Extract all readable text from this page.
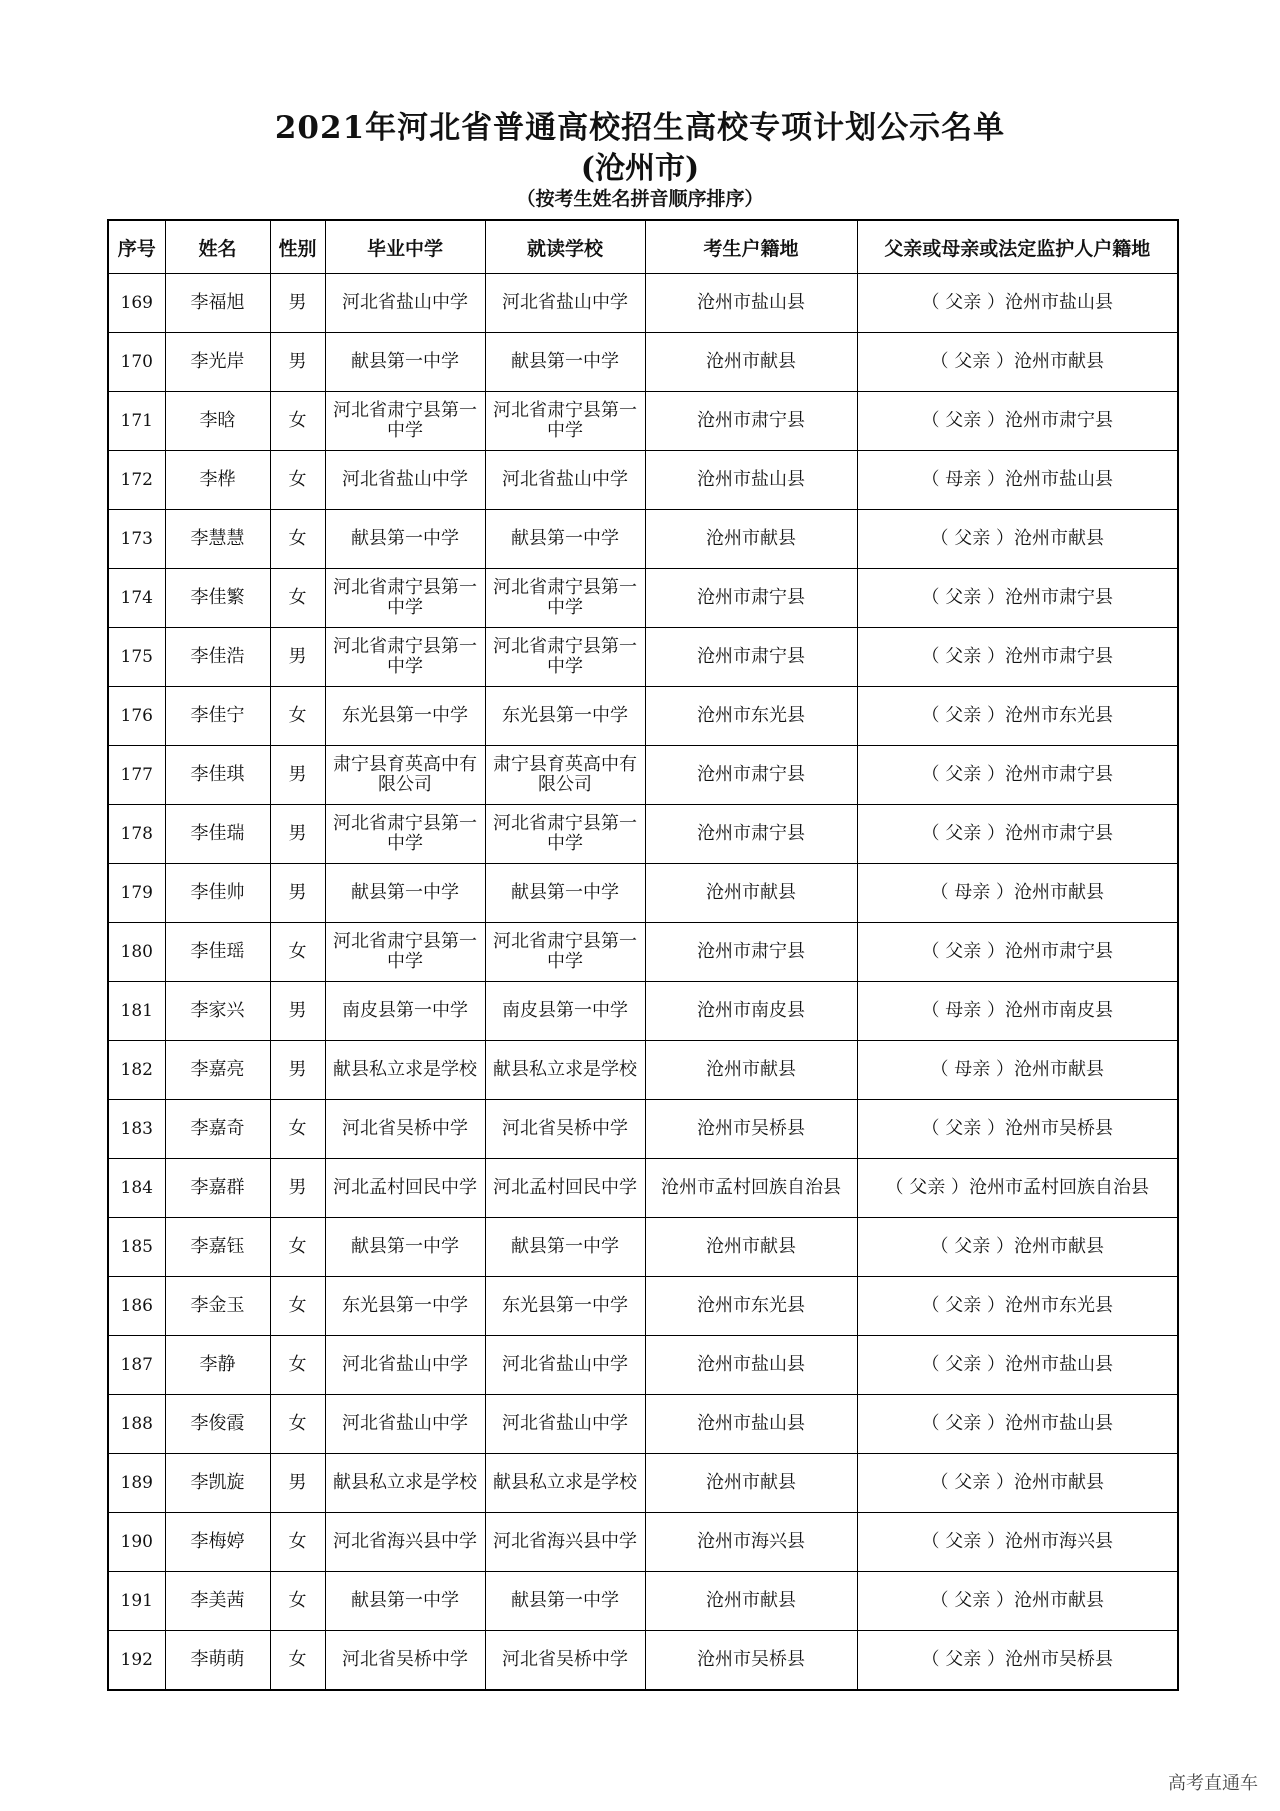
2021年河北省普通高校招生高校专项计划公示名单
(沧州市)
（按考生姓名拼音顺序排序）
序号	姓名	性别	毕业中学	就读学校	考生户籍地	父亲或母亲或法定监护人户籍地
169	李福旭	男	河北省盐山中学	河北省盐山中学	沧州市盐山县	（ 父亲 ）沧州市盐山县
170	李光岸	男	献县第一中学	献县第一中学	沧州市献县	（ 父亲 ）沧州市献县
171	李晗	女	河北省肃宁县第一中学	河北省肃宁县第一中学	沧州市肃宁县	（ 父亲 ）沧州市肃宁县
172	李桦	女	河北省盐山中学	河北省盐山中学	沧州市盐山县	（ 母亲 ）沧州市盐山县
173	李慧慧	女	献县第一中学	献县第一中学	沧州市献县	（ 父亲 ）沧州市献县
174	李佳繁	女	河北省肃宁县第一中学	河北省肃宁县第一中学	沧州市肃宁县	（ 父亲 ）沧州市肃宁县
175	李佳浩	男	河北省肃宁县第一中学	河北省肃宁县第一中学	沧州市肃宁县	（ 父亲 ）沧州市肃宁县
176	李佳宁	女	东光县第一中学	东光县第一中学	沧州市东光县	（ 父亲 ）沧州市东光县
177	李佳琪	男	肃宁县育英高中有限公司	肃宁县育英高中有限公司	沧州市肃宁县	（ 父亲 ）沧州市肃宁县
178	李佳瑞	男	河北省肃宁县第一中学	河北省肃宁县第一中学	沧州市肃宁县	（ 父亲 ）沧州市肃宁县
179	李佳帅	男	献县第一中学	献县第一中学	沧州市献县	（ 母亲 ）沧州市献县
180	李佳瑶	女	河北省肃宁县第一中学	河北省肃宁县第一中学	沧州市肃宁县	（ 父亲 ）沧州市肃宁县
181	李家兴	男	南皮县第一中学	南皮县第一中学	沧州市南皮县	（ 母亲 ）沧州市南皮县
182	李嘉亮	男	献县私立求是学校	献县私立求是学校	沧州市献县	（ 母亲 ）沧州市献县
183	李嘉奇	女	河北省吴桥中学	河北省吴桥中学	沧州市吴桥县	（ 父亲 ）沧州市吴桥县
184	李嘉群	男	河北孟村回民中学	河北孟村回民中学	沧州市孟村回族自治县	（ 父亲 ）沧州市孟村回族自治县
185	李嘉钰	女	献县第一中学	献县第一中学	沧州市献县	（ 父亲 ）沧州市献县
186	李金玉	女	东光县第一中学	东光县第一中学	沧州市东光县	（ 父亲 ）沧州市东光县
187	李静	女	河北省盐山中学	河北省盐山中学	沧州市盐山县	（ 父亲 ）沧州市盐山县
188	李俊霞	女	河北省盐山中学	河北省盐山中学	沧州市盐山县	（ 父亲 ）沧州市盐山县
189	李凯旋	男	献县私立求是学校	献县私立求是学校	沧州市献县	（ 父亲 ）沧州市献县
190	李梅婷	女	河北省海兴县中学	河北省海兴县中学	沧州市海兴县	（ 父亲 ）沧州市海兴县
191	李美茜	女	献县第一中学	献县第一中学	沧州市献县	（ 父亲 ）沧州市献县
192	李萌萌	女	河北省吴桥中学	河北省吴桥中学	沧州市吴桥县	（ 父亲 ）沧州市吴桥县
高考直通车
